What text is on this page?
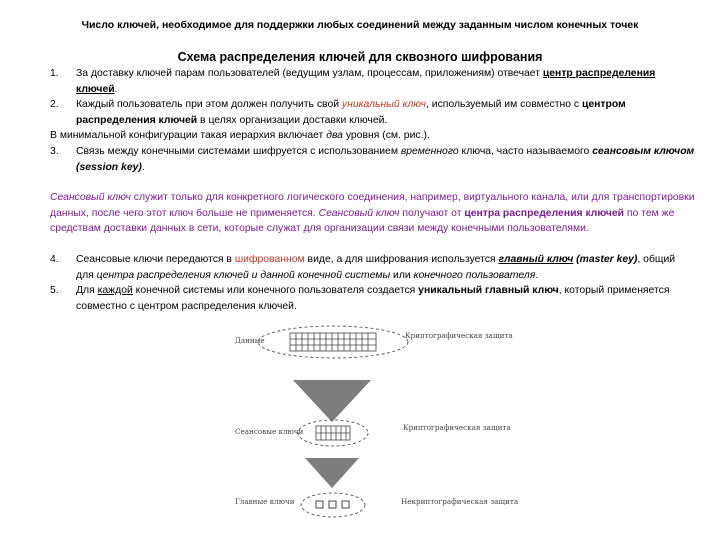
Число ключей, необходимое для поддержки любых соединений между заданным числом конечных точек
Схема распределения ключей для сквозного шифрования
1. За доставку ключей парам пользователей (ведущим узлам, процессам, приложениям) отвечает центр распределения ключей.
2. Каждый пользователь при этом должен получить свой уникальный ключ, используемый им совместно с центром распределения ключей в целях организации доставки ключей.
В минимальной конфигурации такая иерархия включает два уровня (см. рис.).
3. Связь между конечными системами шифруется с использованием временного ключа, часто называемого сеансовым ключом (session key).
Сеансовый ключ служит только для конкретного логического соединения, например, виртуального канала, или для транспортировки данных, после чего этот ключ больше не применяется. Сеансовый ключ получают от центра распределения ключей по тем же средствам доставки данных в сети, которые служат для организации связи между конечными пользователями.
4. Сеансовые ключи передаются в шифрованном виде, а для шифрования используется главный ключ (master key), общий для центра распределения ключей и данной конечной системы или конечного пользователя.
5. Для каждой конечной системы или конечного пользователя создается уникальный главный ключ, который применяется совместно с центром распределения ключей.
Данные
Криптографическая защита
Сеансовые ключи	Криптографическая защита
Главные ключи	Некриптографическая защита
